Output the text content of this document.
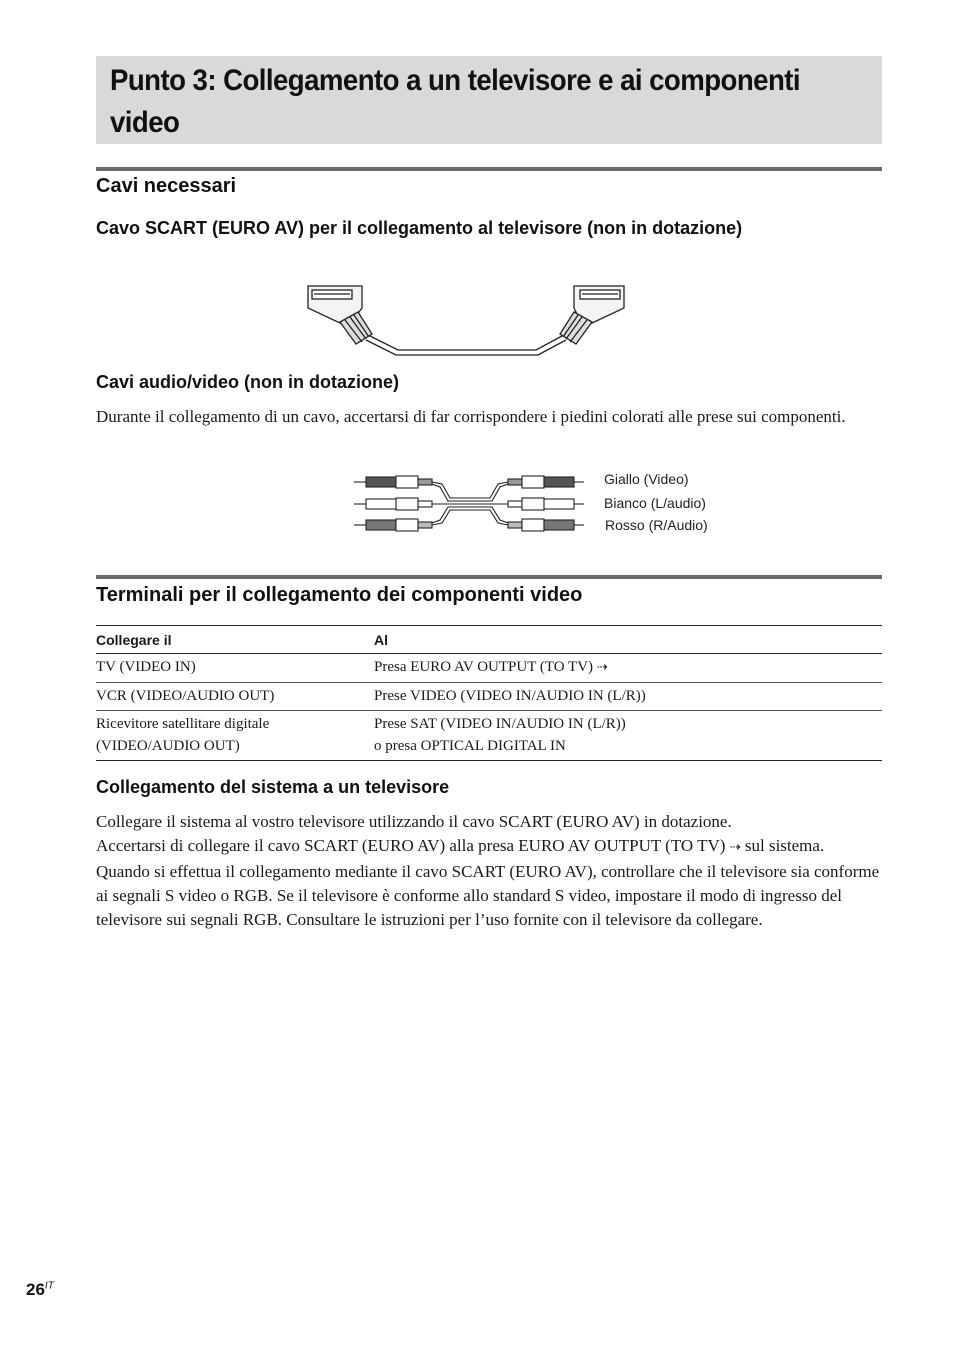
Punto 3: Collegamento a un televisore e ai componenti video
Cavi necessari
Cavo SCART (EURO AV) per il collegamento al televisore (non in dotazione)
Cavi audio/video (non in dotazione)

Durante il collegamento di un cavo, accertarsi di far corrispondere i piedini colorati alle prese sui componenti.

Giallo (Video)
Bianco (L/audio)
Rosso (R/Audio)
Terminali per il collegamento dei componenti video
Collegare il	Al
TV (VIDEO IN)	Presa EURO AV OUTPUT (TO TV) ⇢
VCR (VIDEO/AUDIO OUT)	Prese VIDEO (VIDEO IN/AUDIO IN (L/R))
Ricevitore satellitare digitale (VIDEO/AUDIO OUT)	Prese SAT (VIDEO IN/AUDIO IN (L/R))
o presa OPTICAL DIGITAL IN
Collegamento del sistema a un televisore
Collegare il sistema al vostro televisore utilizzando il cavo SCART (EURO AV) in dotazione.
Accertarsi di collegare il cavo SCART (EURO AV) alla presa EURO AV OUTPUT (TO TV) ⇢ sul sistema.
Quando si effettua il collegamento mediante il cavo SCART (EURO AV), controllare che il televisore sia conforme ai segnali S video o RGB. Se il televisore è conforme allo standard S video, impostare il modo di ingresso del televisore sui segnali RGB. Consultare le istruzioni per l’uso fornite con il televisore da collegare.
$26^{IT}$
